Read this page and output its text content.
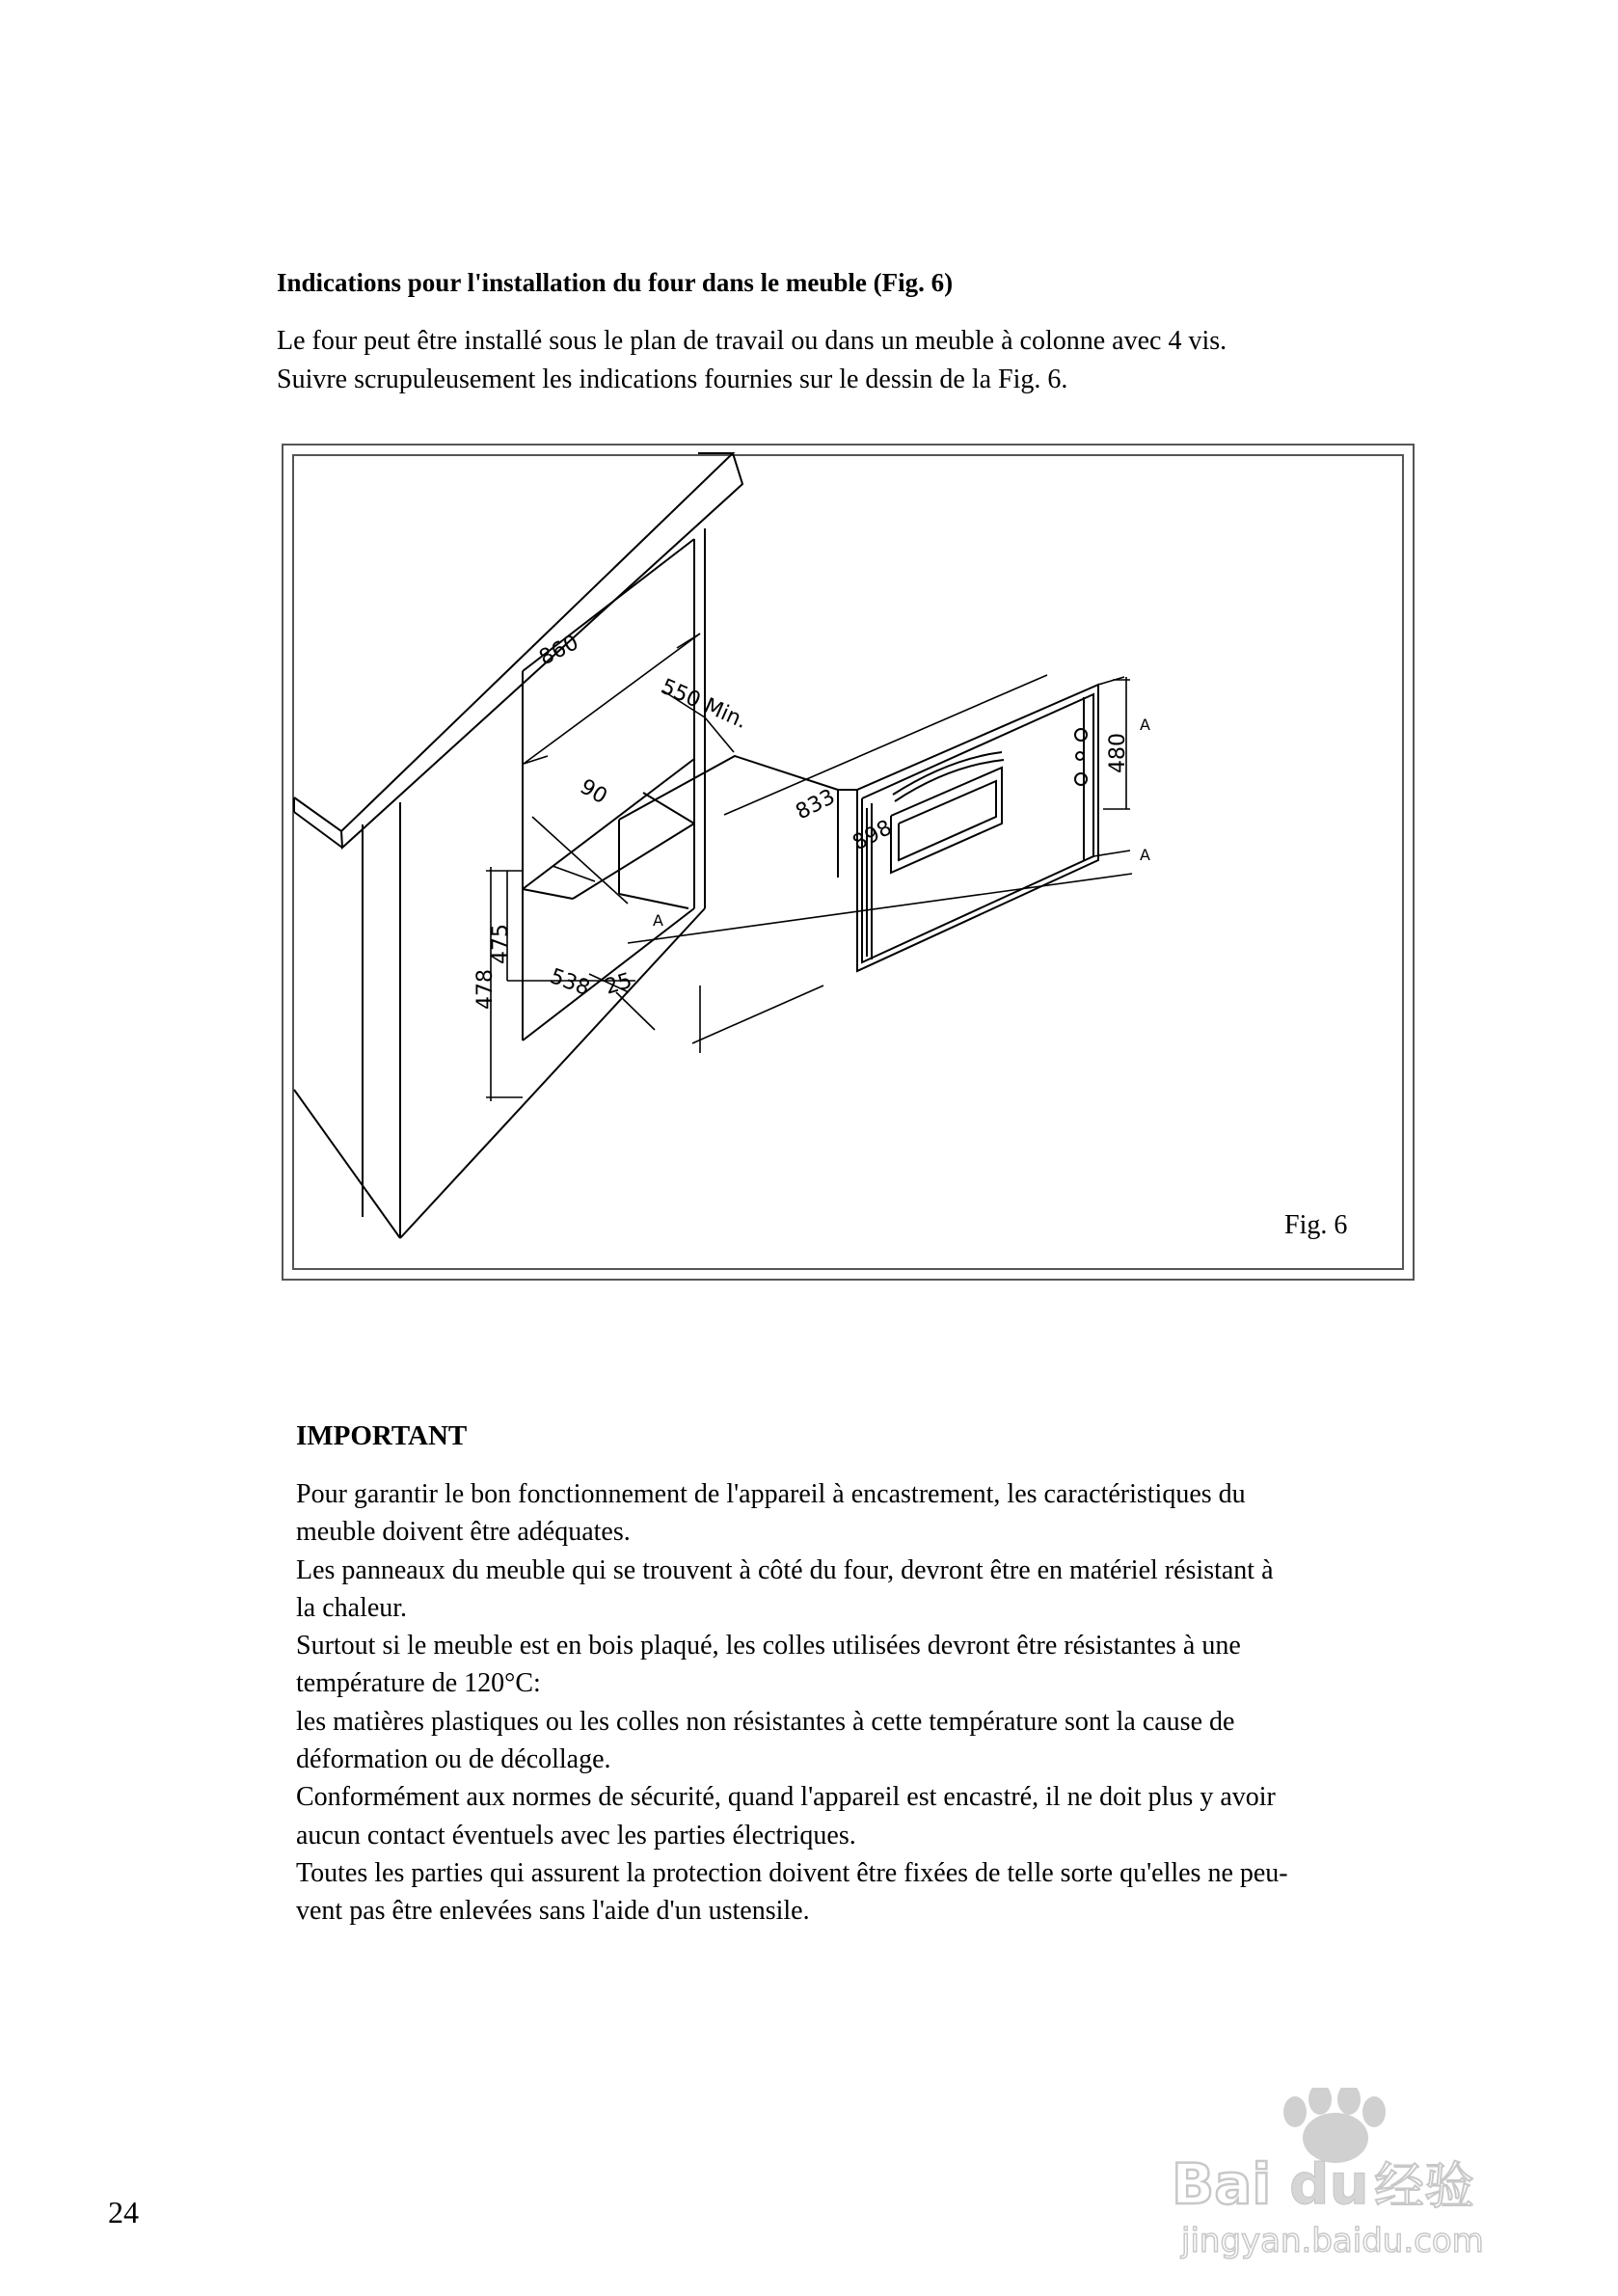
Indications pour l'installation du four dans le meuble (Fig. 6)
Le four peut être installé sous le plan de travail ou dans un meuble à colonne avec 4 vis.
Suivre scrupuleusement les indications fournies sur le dessin de la Fig. 6.
860
550 Min.
90
478
833
480
475
538
898
25
A
A
A
Fig. 6
IMPORTANT
Pour garantir le bon fonctionnement de l'appareil à encastrement, les caractéristiques du
meuble doivent être adéquates.
Les panneaux du meuble qui se trouvent à côté du four, devront être en matériel résistant à
la chaleur.
Surtout si le meuble est en bois plaqué, les colles utilisées devront être résistantes à une
température de 120°C:
les matières plastiques ou les colles non résistantes à cette température sont la cause de
déformation ou de décollage.
Conformément aux normes de sécurité, quand l'appareil est encastré, il ne doit plus y avoir
aucun contact éventuels avec les parties électriques.
Toutes les parties qui assurent la protection doivent être fixées de telle sorte qu'elles ne peu-
vent pas être enlevées sans l'aide d'un ustensile.
24	Bai du 经验
jingyan.baidu.com
